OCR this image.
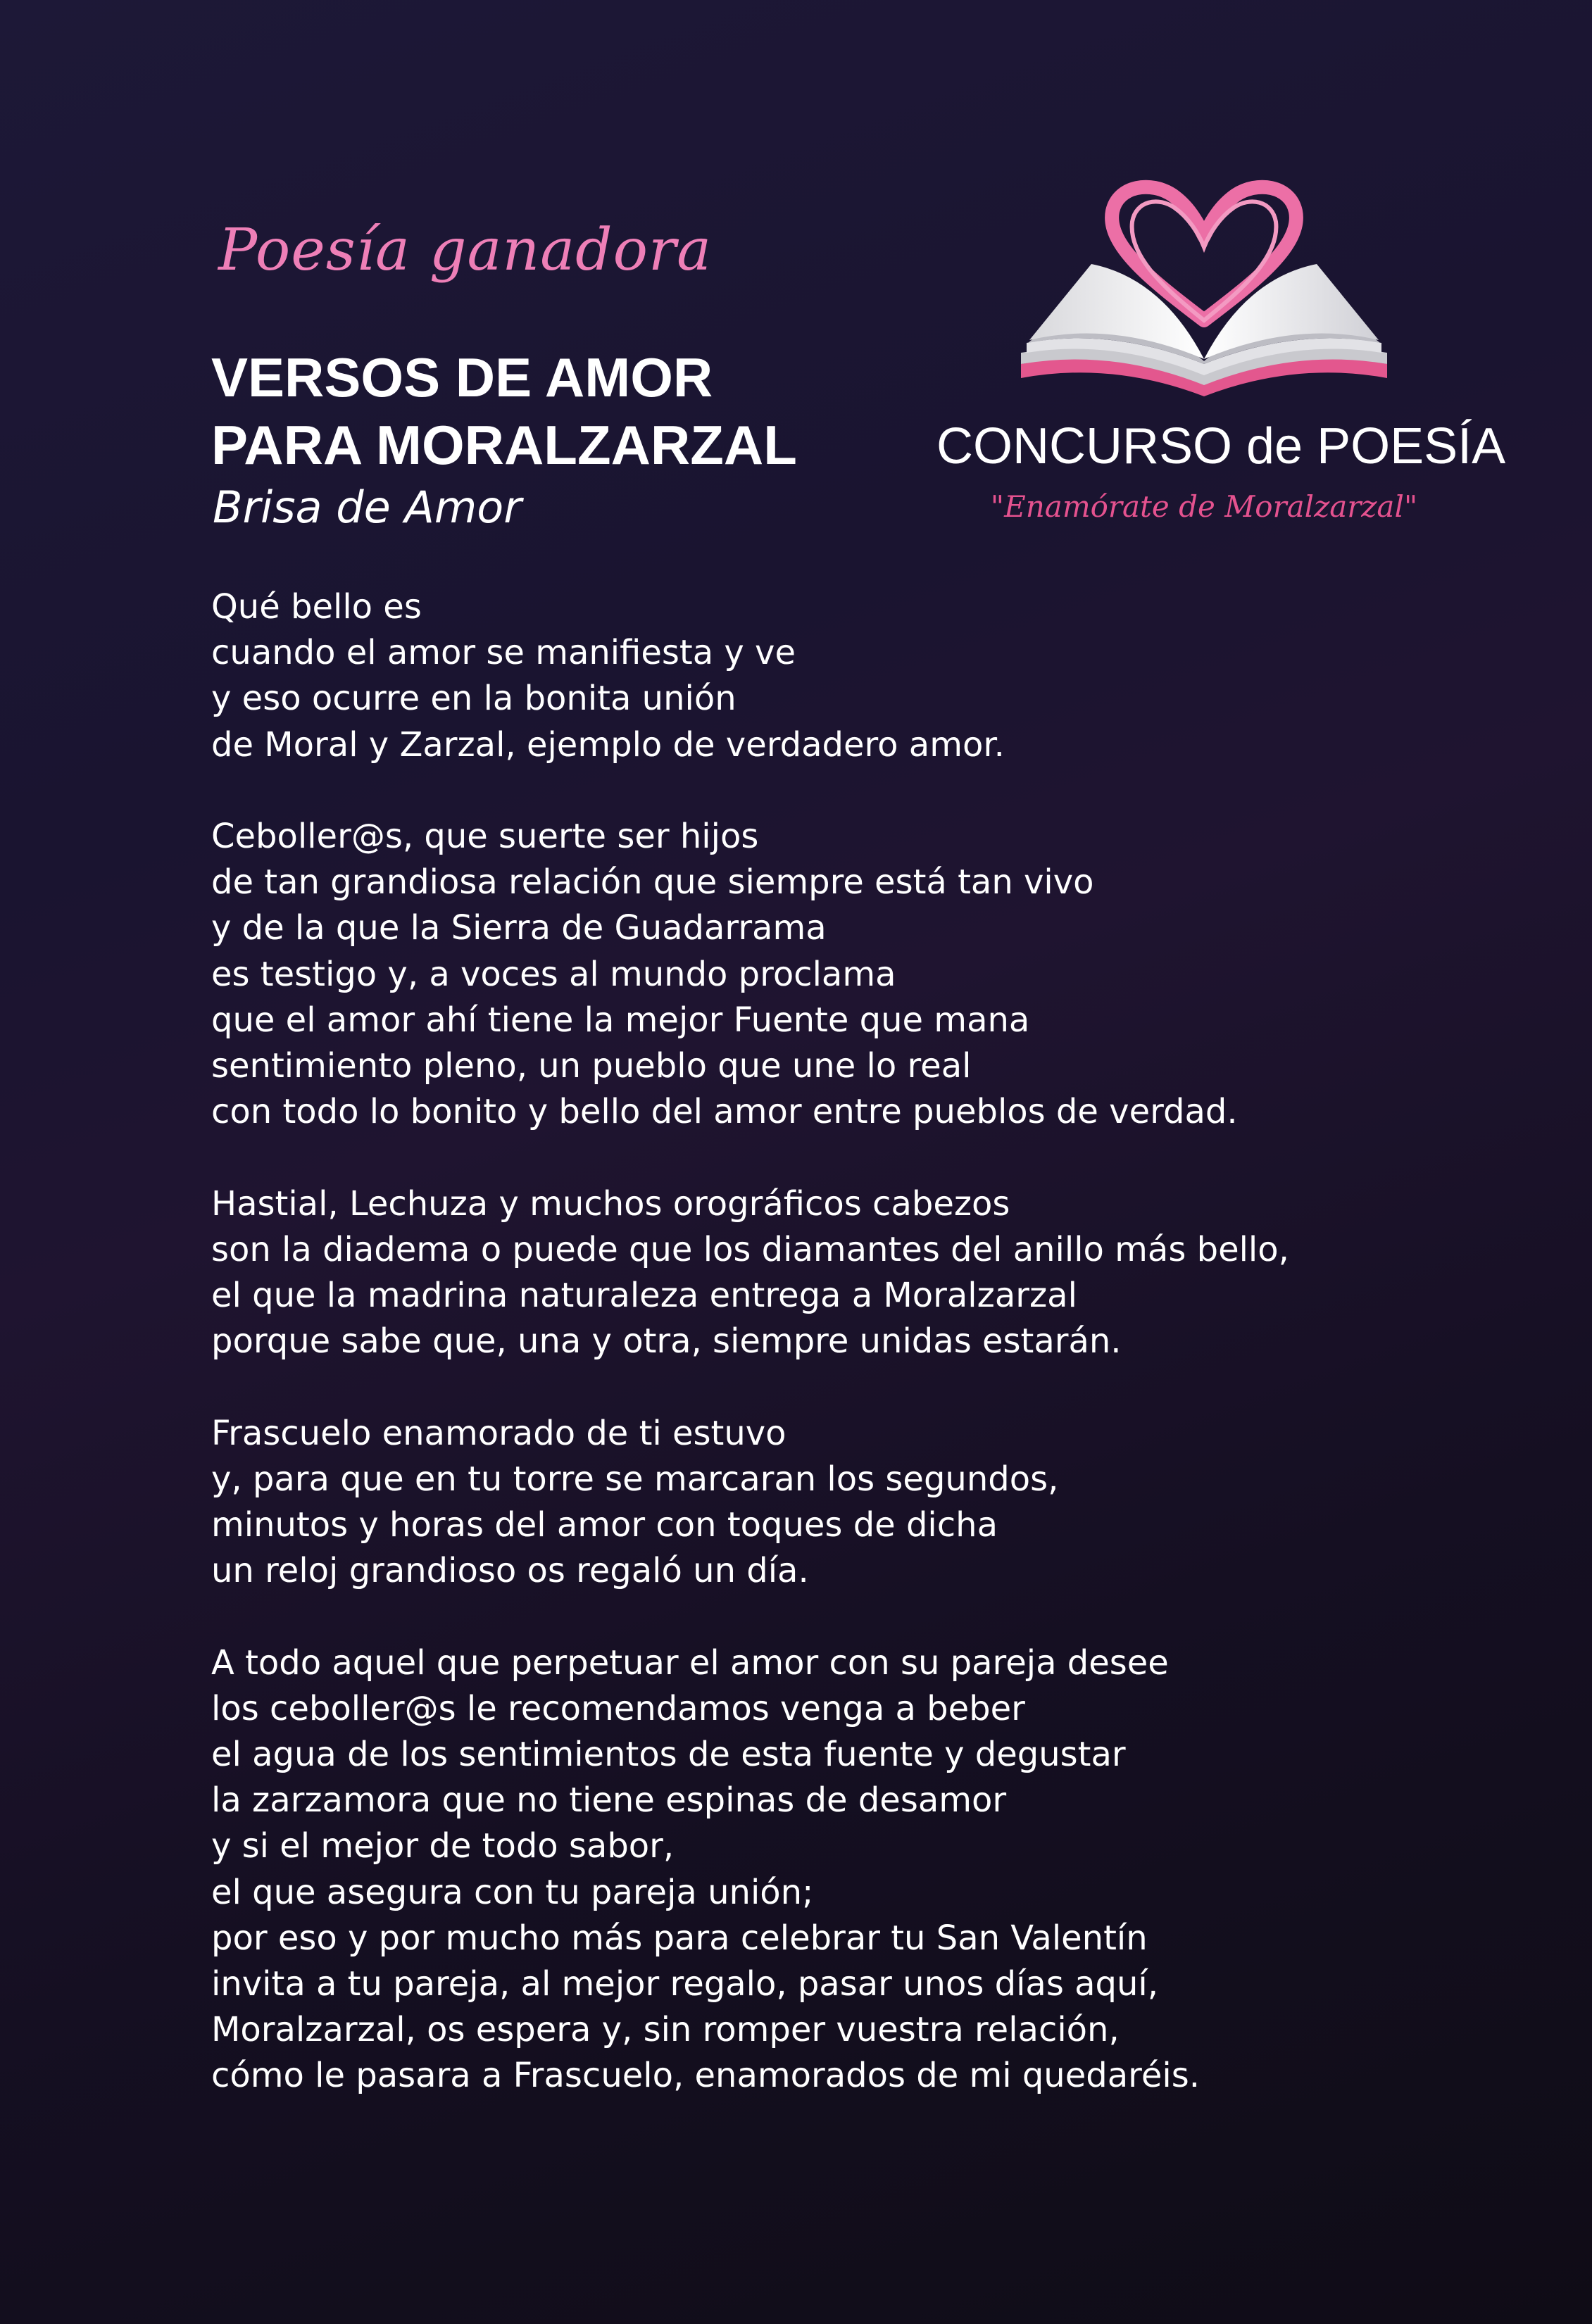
Poesía ganadora
VERSOS DE AMOR
PARA MORALZARZAL
Brisa de Amor
CONCURSO de POESÍA
"Enamórate de Moralzarzal"
Qué bello es
cuando el amor se manifiesta y ve
y eso ocurre en la bonita unión
de Moral y Zarzal, ejemplo de verdadero amor.
Ceboller@s, que suerte ser hijos
de tan grandiosa relación que siempre está tan vivo
y de la que la Sierra de Guadarrama
es testigo y, a voces al mundo proclama
que el amor ahí tiene la mejor Fuente que mana
sentimiento pleno, un pueblo que une lo real
con todo lo bonito y bello del amor entre pueblos de verdad.
Hastial, Lechuza y muchos orográficos cabezos
son la diadema o puede que los diamantes del anillo más bello,
el que la madrina naturaleza entrega a Moralzarzal
porque sabe que, una y otra, siempre unidas estarán.
Frascuelo enamorado de ti estuvo
y, para que en tu torre se marcaran los segundos,
minutos y horas del amor con toques de dicha
un reloj grandioso os regaló un día.
A todo aquel que perpetuar el amor con su pareja desee
los ceboller@s le recomendamos venga a beber
el agua de los sentimientos de esta fuente y degustar
la zarzamora que no tiene espinas de desamor
y si el mejor de todo sabor,
el que asegura con tu pareja unión;
por eso y por mucho más para celebrar tu San Valentín
invita a tu pareja, al mejor regalo, pasar unos días aquí,
Moralzarzal, os espera y, sin romper vuestra relación,
cómo le pasara a Frascuelo, enamorados de mi quedaréis.
